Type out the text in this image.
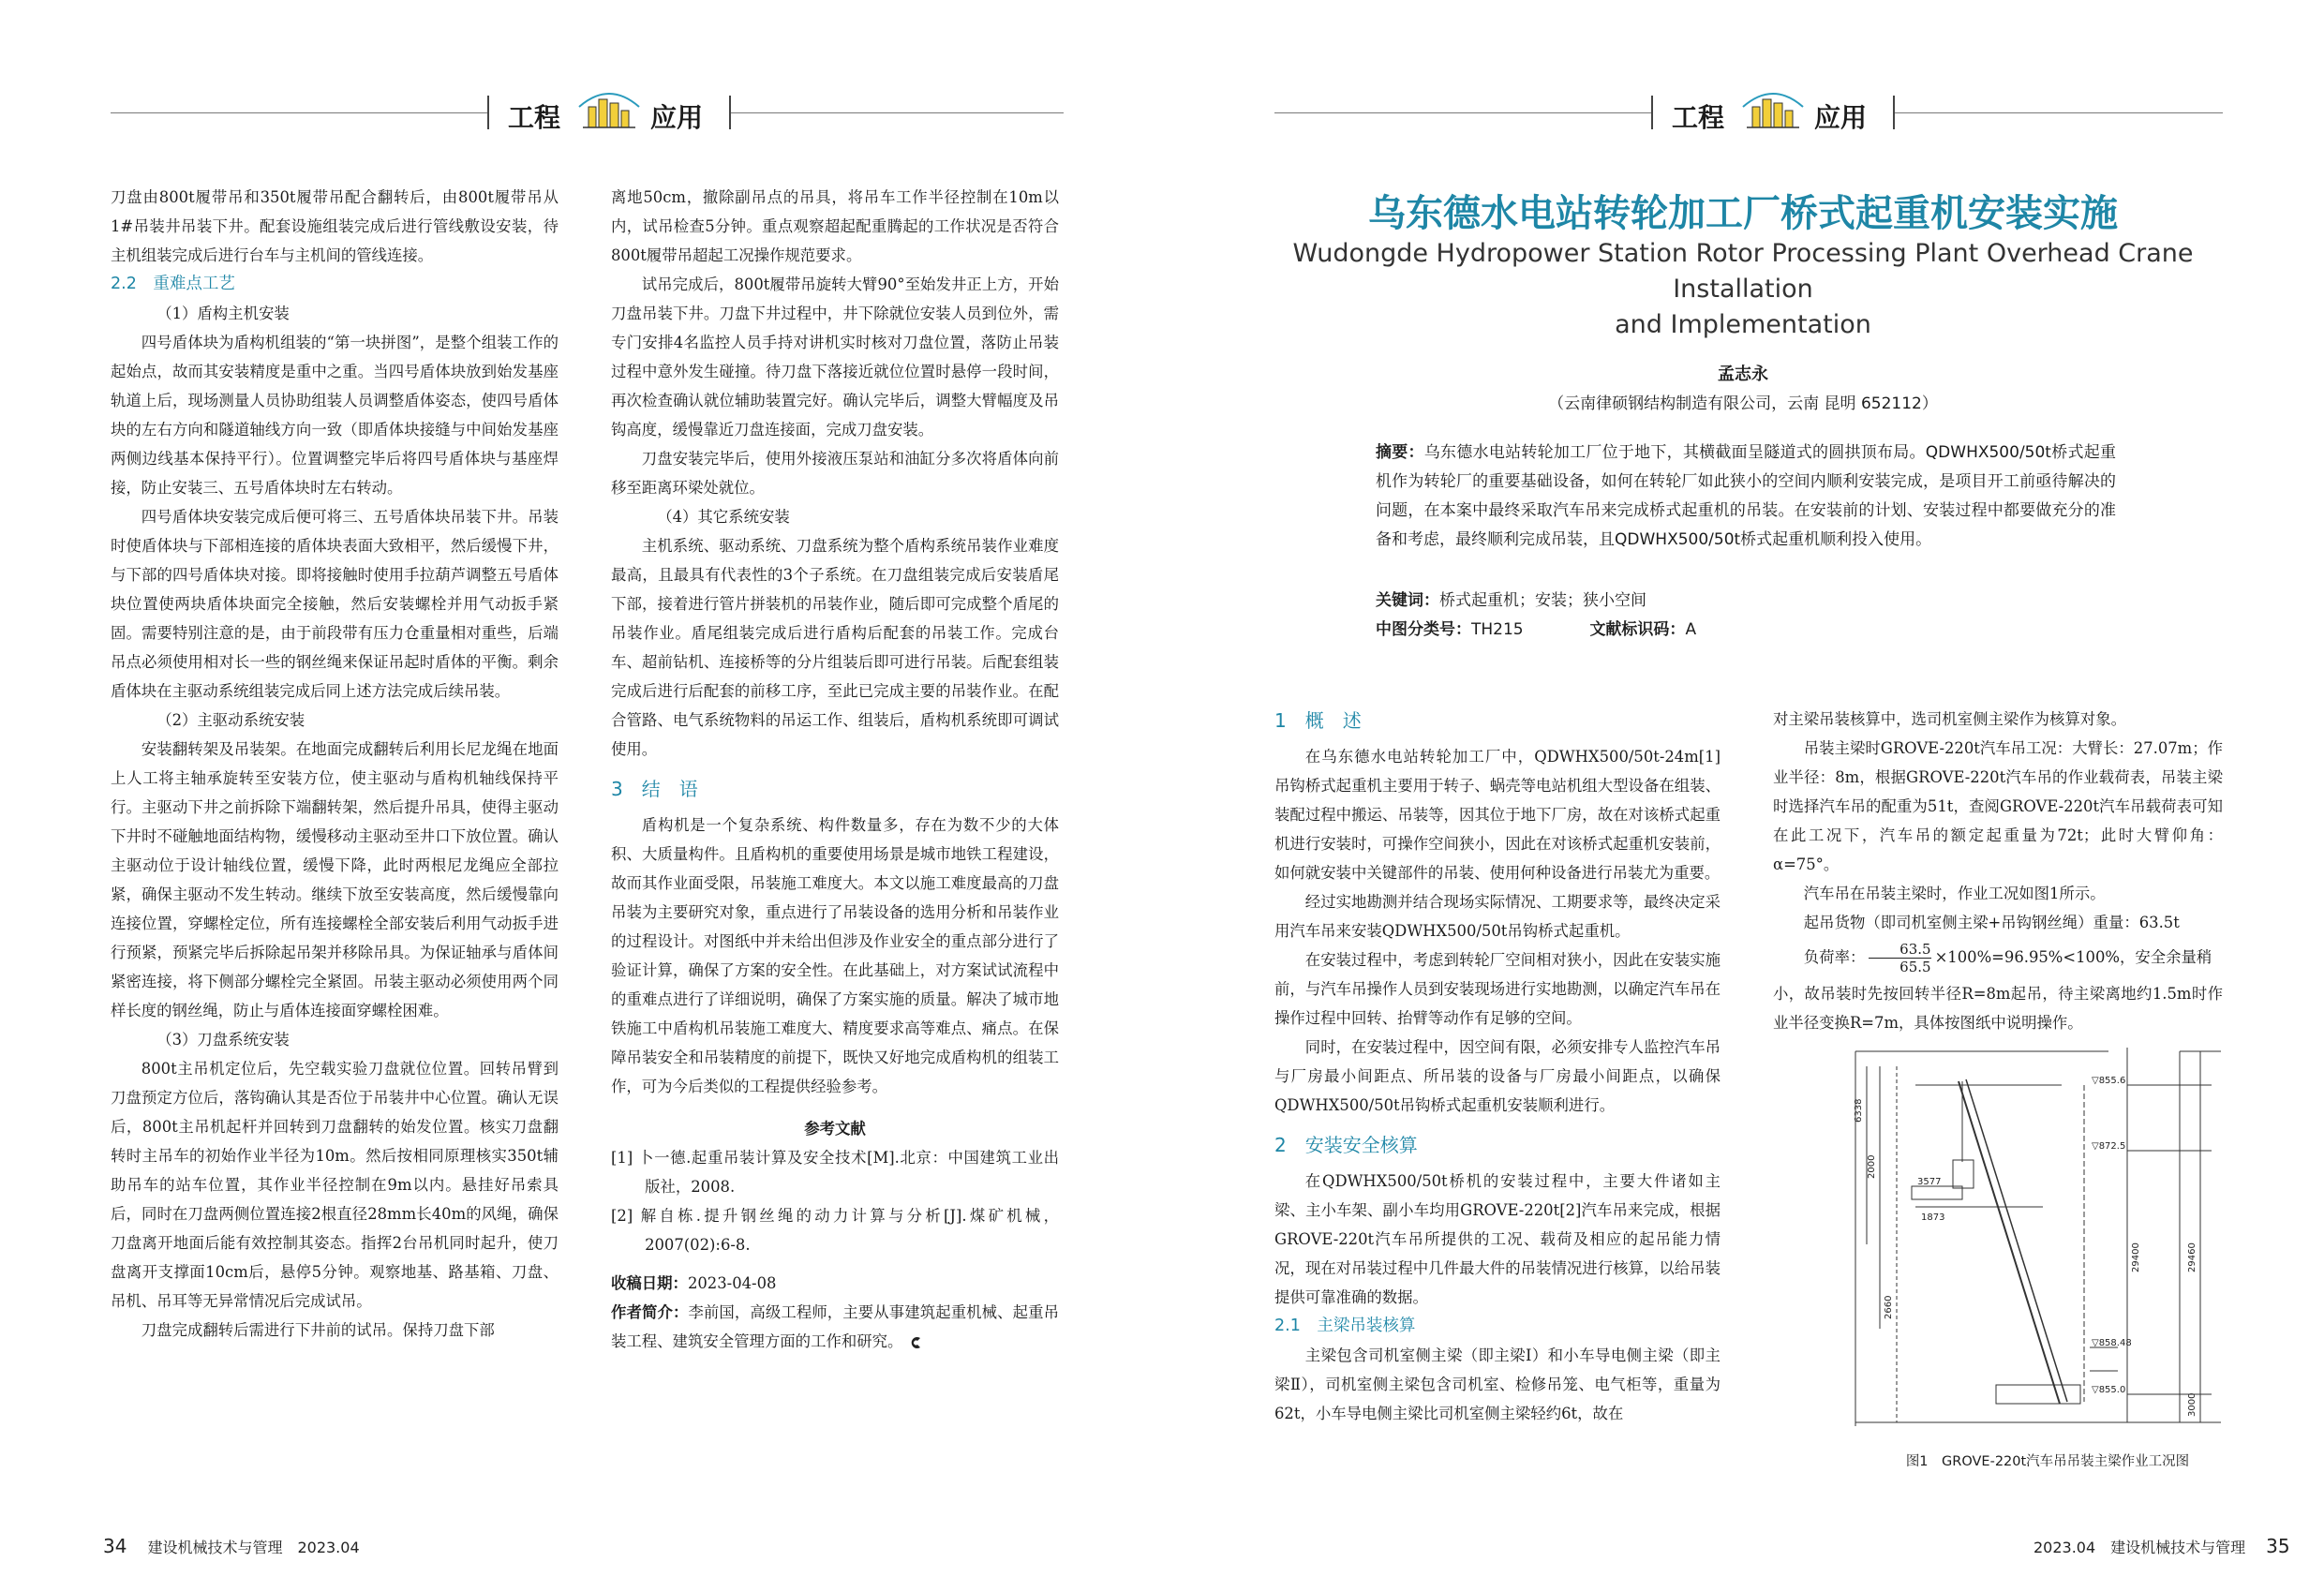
工程	应用

刀盘由800t履带吊和350t履带吊配合翻转后，由800t履带吊从1#吊装井吊装下井。配套设施组装完成后进行管线敷设安装，待主机组装完成后进行台车与主机间的管线连接。

2.2　重难点工艺

（1）盾构主机安装

四号盾体块为盾构机组装的“第一块拼图”，是整个组装工作的起始点，故而其安装精度是重中之重。当四号盾体块放到始发基座轨道上后，现场测量人员协助组装人员调整盾体姿态，使四号盾体块的左右方向和隧道轴线方向一致（即盾体块接缝与中间始发基座两侧边线基本保持平行）。位置调整完毕后将四号盾体块与基座焊接，防止安装三、五号盾体块时左右转动。

四号盾体块安装完成后便可将三、五号盾体块吊装下井。吊装时使盾体块与下部相连接的盾体块表面大致相平，然后缓慢下井，与下部的四号盾体块对接。即将接触时使用手拉葫芦调整五号盾体块位置使两块盾体块面完全接触，然后安装螺栓并用气动扳手紧固。需要特别注意的是，由于前段带有压力仓重量相对重些，后端吊点必须使用相对长一些的钢丝绳来保证吊起时盾体的平衡。剩余盾体块在主驱动系统组装完成后同上述方法完成后续吊装。

（2）主驱动系统安装

安装翻转架及吊装架。在地面完成翻转后利用长尼龙绳在地面上人工将主轴承旋转至安装方位，使主驱动与盾构机轴线保持平行。主驱动下井之前拆除下端翻转架，然后提升吊具，使得主驱动下井时不碰触地面结构物，缓慢移动主驱动至井口下放位置。确认主驱动位于设计轴线位置，缓慢下降，此时两根尼龙绳应全部拉紧，确保主驱动不发生转动。继续下放至安装高度，然后缓慢靠向连接位置，穿螺栓定位，所有连接螺栓全部安装后利用气动扳手进行预紧，预紧完毕后拆除起吊架并移除吊具。为保证轴承与盾体间紧密连接，将下侧部分螺栓完全紧固。吊装主驱动必须使用两个同样长度的钢丝绳，防止与盾体连接面穿螺栓困难。

（3）刀盘系统安装

800t主吊机定位后，先空载实验刀盘就位位置。回转吊臂到刀盘预定方位后，落钩确认其是否位于吊装井中心位置。确认无误后，800t主吊机起杆并回转到刀盘翻转的始发位置。核实刀盘翻转时主吊车的初始作业半径为10m。然后按相同原理核实350t辅助吊车的站车位置，其作业半径控制在9m以内。悬挂好吊索具后，同时在刀盘两侧位置连接2根直径28mm长40m的风绳，确保刀盘离开地面后能有效控制其姿态。指挥2台吊机同时起升，使刀盘离开支撑面10cm后，悬停5分钟。观察地基、路基箱、刀盘、吊机、吊耳等无异常情况后完成试吊。

刀盘完成翻转后需进行下井前的试吊。保持刀盘下部

离地50cm，撤除副吊点的吊具，将吊车工作半径控制在10m以内，试吊检查5分钟。重点观察超起配重腾起的工作状况是否符合800t履带吊超起工况操作规范要求。

试吊完成后，800t履带吊旋转大臂90°至始发井正上方，开始刀盘吊装下井。刀盘下井过程中，井下除就位安装人员到位外，需专门安排4名监控人员手持对讲机实时核对刀盘位置，落防止吊装过程中意外发生碰撞。待刀盘下落接近就位位置时悬停一段时间，再次检查确认就位辅助装置完好。确认完毕后，调整大臂幅度及吊钩高度，缓慢靠近刀盘连接面，完成刀盘安装。

刀盘安装完毕后，使用外接液压泵站和油缸分多次将盾体向前移至距离环梁处就位。

（4）其它系统安装

主机系统、驱动系统、刀盘系统为整个盾构系统吊装作业难度最高，且最具有代表性的3个子系统。在刀盘组装完成后安装盾尾下部，接着进行管片拼装机的吊装作业，随后即可完成整个盾尾的吊装作业。盾尾组装完成后进行盾构后配套的吊装工作。完成台车、超前钻机、连接桥等的分片组装后即可进行吊装。后配套组装完成后进行后配套的前移工序，至此已完成主要的吊装作业。在配合管路、电气系统物料的吊运工作、组装后，盾构机系统即可调试使用。

3　结　语

盾构机是一个复杂系统、构件数量多，存在为数不少的大体积、大质量构件。且盾构机的重要使用场景是城市地铁工程建设，故而其作业面受限，吊装施工难度大。本文以施工难度最高的刀盘吊装为主要研究对象，重点进行了吊装设备的选用分析和吊装作业的过程设计。对图纸中并未给出但涉及作业安全的重点部分进行了验证计算，确保了方案的安全性。在此基础上，对方案试试流程中的重难点进行了详细说明，确保了方案实施的质量。解决了城市地铁施工中盾构机吊装施工难度大、精度要求高等难点、痛点。在保障吊装安全和吊装精度的前提下，既快又好地完成盾构机的组装工作，可为今后类似的工程提供经验参考。

参考文献

[1] 卜一德.起重吊装计算及安全技术[M].北京：中国建筑工业出版社，2008.

[2] 解自栋.提升钢丝绳的动力计算与分析[J].煤矿机械，2007(02):6-8.

收稿日期：2023-04-08

作者简介：李前国，高级工程师，主要从事建筑起重机械、起重吊装工程、建筑安全管理方面的工作和研究。

34 建设机械技术与管理　2023.04
工程	应用
乌东德水电站转轮加工厂桥式起重机安装实施
Wudongde Hydropower Station Rotor Processing Plant Overhead Crane Installation
and Implementation
孟志永
（云南律硕钢结构制造有限公司，云南 昆明 652112）
摘要：乌东德水电站转轮加工厂位于地下，其横截面呈隧道式的圆拱顶布局。QDWHX500/50t桥式起重机作为转轮厂的重要基础设备，如何在转轮厂如此狭小的空间内顺利安装完成，是项目开工前亟待解决的问题，在本案中最终采取汽车吊来完成桥式起重机的吊装。在安装前的计划、安装过程中都要做充分的准备和考虑，最终顺利完成吊装，且QDWHX500/50t桥式起重机顺利投入使用。
关键词：桥式起重机；安装；狭小空间
中图分类号：TH215	文献标识码：A
1　概　述

在乌东德水电站转轮加工厂中，QDWHX500/50t-24m[1]吊钩桥式起重机主要用于转子、蜗壳等电站机组大型设备在组装、装配过程中搬运、吊装等，因其位于地下厂房，故在对该桥式起重机进行安装时，可操作空间狭小，因此在对该桥式起重机安装前，如何就安装中关键部件的吊装、使用何种设备进行吊装尤为重要。

经过实地勘测并结合现场实际情况、工期要求等，最终决定采用汽车吊来安装QDWHX500/50t吊钩桥式起重机。

在安装过程中，考虑到转轮厂空间相对狭小，因此在安装实施前，与汽车吊操作人员到安装现场进行实地勘测，以确定汽车吊在操作过程中回转、抬臂等动作有足够的空间。

同时，在安装过程中，因空间有限，必须安排专人监控汽车吊与厂房最小间距点、所吊装的设备与厂房最小间距点，以确保QDWHX500/50t吊钩桥式起重机安装顺利进行。

2　安装安全核算

在QDWHX500/50t桥机的安装过程中，主要大件诸如主梁、主小车架、副小车均用GROVE-220t[2]汽车吊来完成，根据GROVE-220t汽车吊所提供的工况、载荷及相应的起吊能力情况，现在对吊装过程中几件最大件的吊装情况进行核算，以给吊装提供可靠准确的数据。

2.1　主梁吊装核算

主梁包含司机室侧主梁（即主梁Ⅰ）和小车导电侧主梁（即主梁Ⅱ），司机室侧主梁包含司机室、检修吊笼、电气柜等，重量为62t，小车导电侧主梁比司机室侧主梁轻约6t，故在

对主梁吊装核算中，选司机室侧主梁作为核算对象。

吊装主梁时GROVE-220t汽车吊工况：大臂长：27.07m；作业半径：8m，根据GROVE-220t汽车吊的作业载荷表，吊装主梁时选择汽车吊的配重为51t，查阅GROVE-220t汽车吊载荷表可知在此工况下，汽车吊的额定起重量为72t；此时大臂仰角：α=75°。

汽车吊在吊装主梁时，作业工况如图1所示。

起吊货物（即司机室侧主梁+吊钩钢丝绳）重量：63.5t

负荷率： $\frac{63.5}{65.5} \times 100\%=96.95\%<100\%$，安全余量稍

小，故吊装时先按回转半径R=8m起吊，待主梁离地约1.5m时作业半径变换R=7m，具体按图纸中说明操作。

▽855.6
▽872.5
▽858.48
▽855.0
3577
1873
6338
2000
29400	29460
3000
2660
图1　GROVE-220t汽车吊吊装主梁作业工况图
2023.04　建设机械技术与管理 35
